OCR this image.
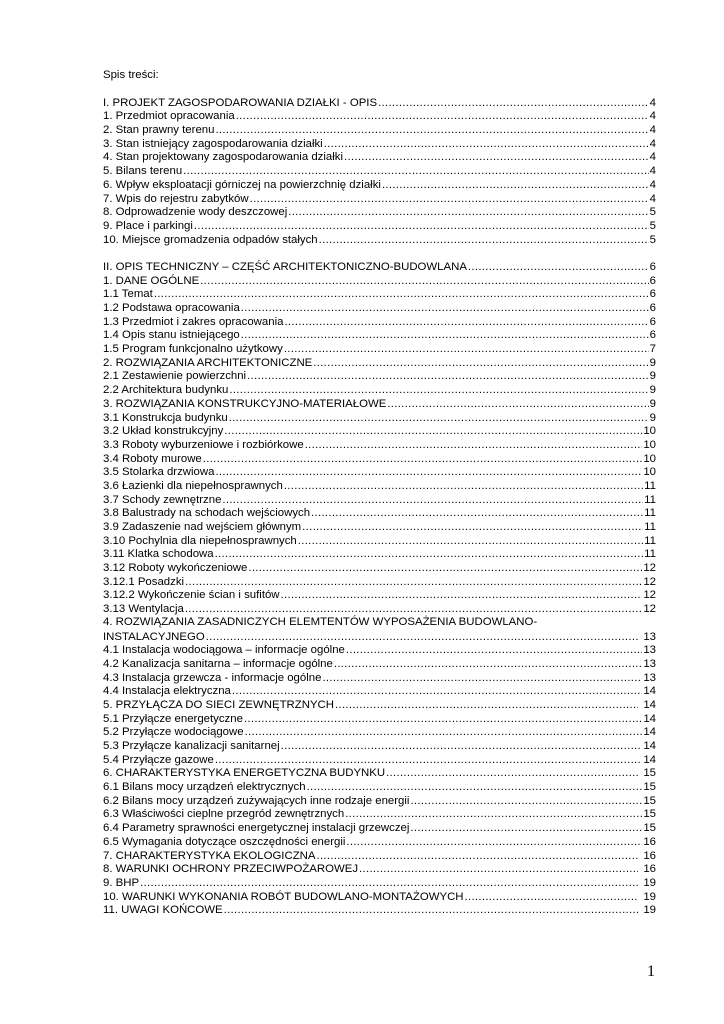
Spis treści:
I. PROJEKT ZAGOSPODAROWANIA DZIAŁKI - OPIS .....	4
1. Przedmiot opracowania .....	4
2. Stan prawny terenu .....	4
3. Stan istniejący zagospodarowania działki .....	4
4. Stan projektowany zagospodarowania działki .....	4
5. Bilans terenu .....	4
6. Wpływ eksploatacji górniczej na powierzchnię działki .....	4
7. Wpis do rejestru zabytków .....	4
8. Odprowadzenie wody deszczowej .....	5
9. Place i parkingi .....	5
10. Miejsce gromadzenia odpadów stałych .....	5
II. OPIS TECHNICZNY – CZĘŚĆ ARCHITEKTONICZNO-BUDOWLANA .....	6
1. DANE OGÓLNE .....	6
1.1 Temat .....	6
1.2 Podstawa opracowania .....	6
1.3 Przedmiot i zakres opracowania .....	6
1.4 Opis stanu istniejącego .....	6
1.5 Program funkcjonalno użytkowy .....	7
2. ROZWIĄZANIA ARCHITEKTONICZNE .....	9
2.1 Zestawienie powierzchni .....	9
2.2 Architektura budynku .....	9
3. ROZWIĄZANIA KONSTRUKCYJNO-MATERIAŁOWE .....	9
3.1 Konstrukcja budynku .....	9
3.2 Układ konstrukcyjny .....	10
3.3 Roboty wyburzeniowe i rozbiórkowe .....	10
3.4 Roboty murowe .....	10
3.5 Stolarka drzwiowa .....	10
3.6 Łazienki dla niepełnosprawnych .....	11
3.7 Schody zewnętrzne .....	11
3.8 Balustrady na schodach wejściowych .....	11
3.9 Zadaszenie nad wejściem głównym .....	11
3.10 Pochylnia dla niepełnosprawnych .....	11
3.11 Klatka schodowa .....	11
3.12 Roboty wykończeniowe .....	12
3.12.1 Posadzki .....	12
3.12.2 Wykończenie ścian i sufitów .....	12
3.13 Wentylacja .....	12
4. ROZWIĄZANIA ZASADNICZYCH ELEMTENTÓW WYPOSAŻENIA BUDOWLANO-
INSTALACYJNEGO .....	13
4.1 Instalacja wodociągowa – informacje ogólne .....	13
4.2 Kanalizacja sanitarna – informacje ogólne .....	13
4.3 Instalacja grzewcza - informacje ogólne .....	13
4.4 Instalacja elektryczna .....	14
5. PRZYŁĄCZA DO SIECI ZEWNĘTRZNYCH .....	14
5.1 Przyłącze energetyczne .....	14
5.2 Przyłącze wodociągowe .....	14
5.3 Przyłącze kanalizacji sanitarnej .....	14
5.4 Przyłącze gazowe .....	14
6. CHARAKTERYSTYKA ENERGETYCZNA BUDYNKU .....	15
6.1 Bilans mocy urządzeń elektrycznych .....	15
6.2 Bilans mocy urządzeń zużywających inne rodzaje energii .....	15
6.3 Właściwości cieplne przegród zewnętrznych .....	15
6.4 Parametry sprawności energetycznej instalacji grzewczej .....	15
6.5 Wymagania dotyczące oszczędności energii .....	16
7. CHARAKTERYSTYKA EKOLOGICZNA .....	16
8. WARUNKI OCHRONY PRZECIWPOŻAROWEJ .....	16
9. BHP .....	19
10. WARUNKI WYKONANIA ROBÓT BUDOWLANO-MONTAŻOWYCH .....	19
11. UWAGI KOŃCOWE .....	19
1
